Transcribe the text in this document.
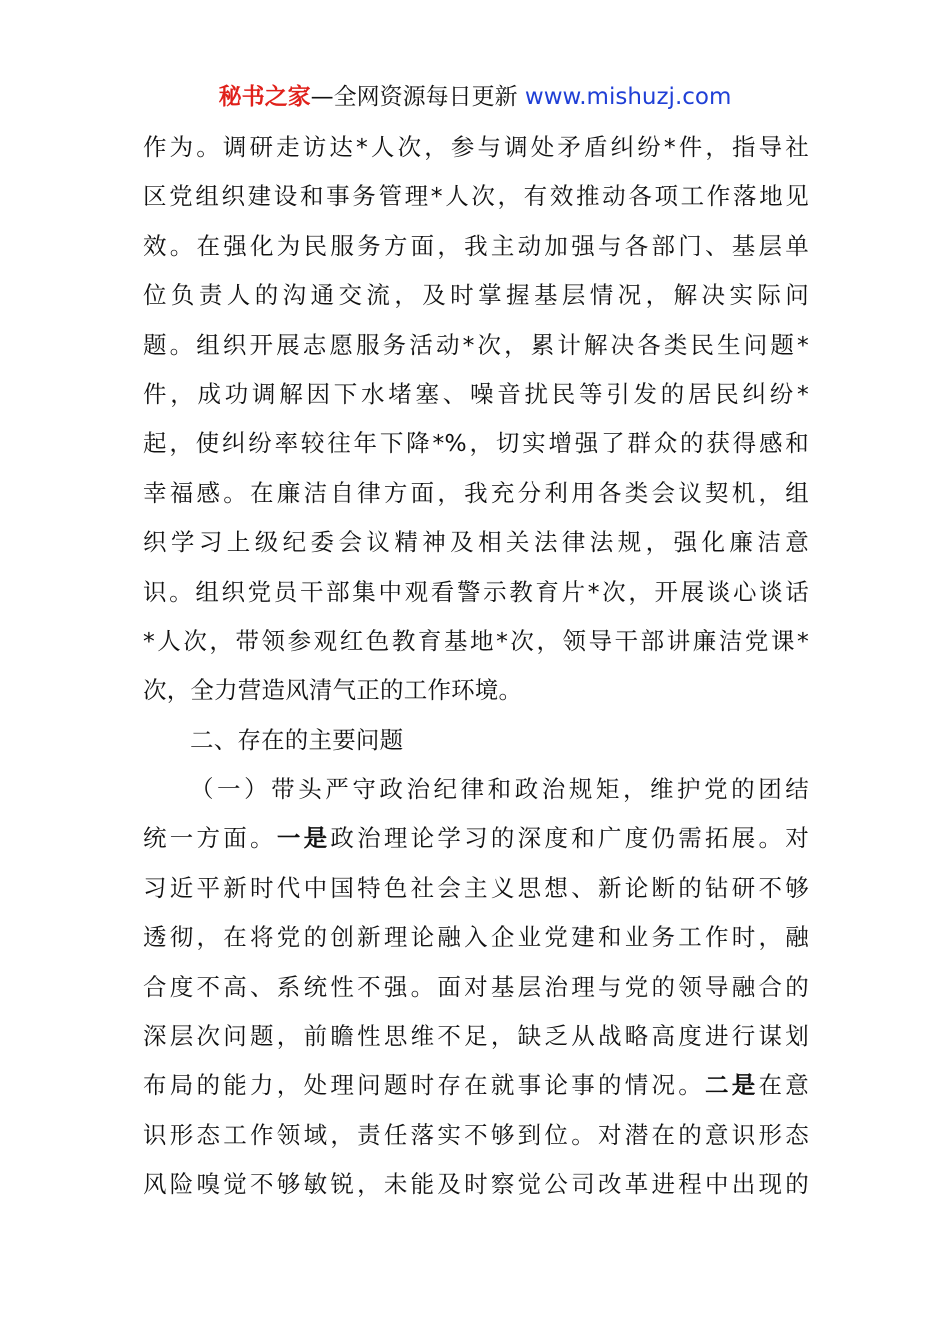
秘书之家—全网资源每日更新 www.mishuzj.com
作为。调研走访达*人次，参与调处矛盾纠纷*件，指导社
区党组织建设和事务管理*人次，有效推动各项工作落地见
效。在强化为民服务方面，我主动加强与各部门、基层单
位负责人的沟通交流，及时掌握基层情况，解决实际问
题。组织开展志愿服务活动*次，累计解决各类民生问题*
件，成功调解因下水堵塞、噪音扰民等引发的居民纠纷*
起，使纠纷率较往年下降*%，切实增强了群众的获得感和
幸福感。在廉洁自律方面，我充分利用各类会议契机，组
织学习上级纪委会议精神及相关法律法规，强化廉洁意
识。组织党员干部集中观看警示教育片*次，开展谈心谈话
*人次，带领参观红色教育基地*次，领导干部讲廉洁党课*
次，全力营造风清气正的工作环境。
二、存在的主要问题
（一）带头严守政治纪律和政治规矩，维护党的团结
统一方面。一是政治理论学习的深度和广度仍需拓展。对
习近平新时代中国特色社会主义思想、新论断的钻研不够
透彻，在将党的创新理论融入企业党建和业务工作时，融
合度不高、系统性不强。面对基层治理与党的领导融合的
深层次问题，前瞻性思维不足，缺乏从战略高度进行谋划
布局的能力，处理问题时存在就事论事的情况。二是在意
识形态工作领域，责任落实不够到位。对潜在的意识形态
风险嗅觉不够敏锐，未能及时察觉公司改革进程中出现的
